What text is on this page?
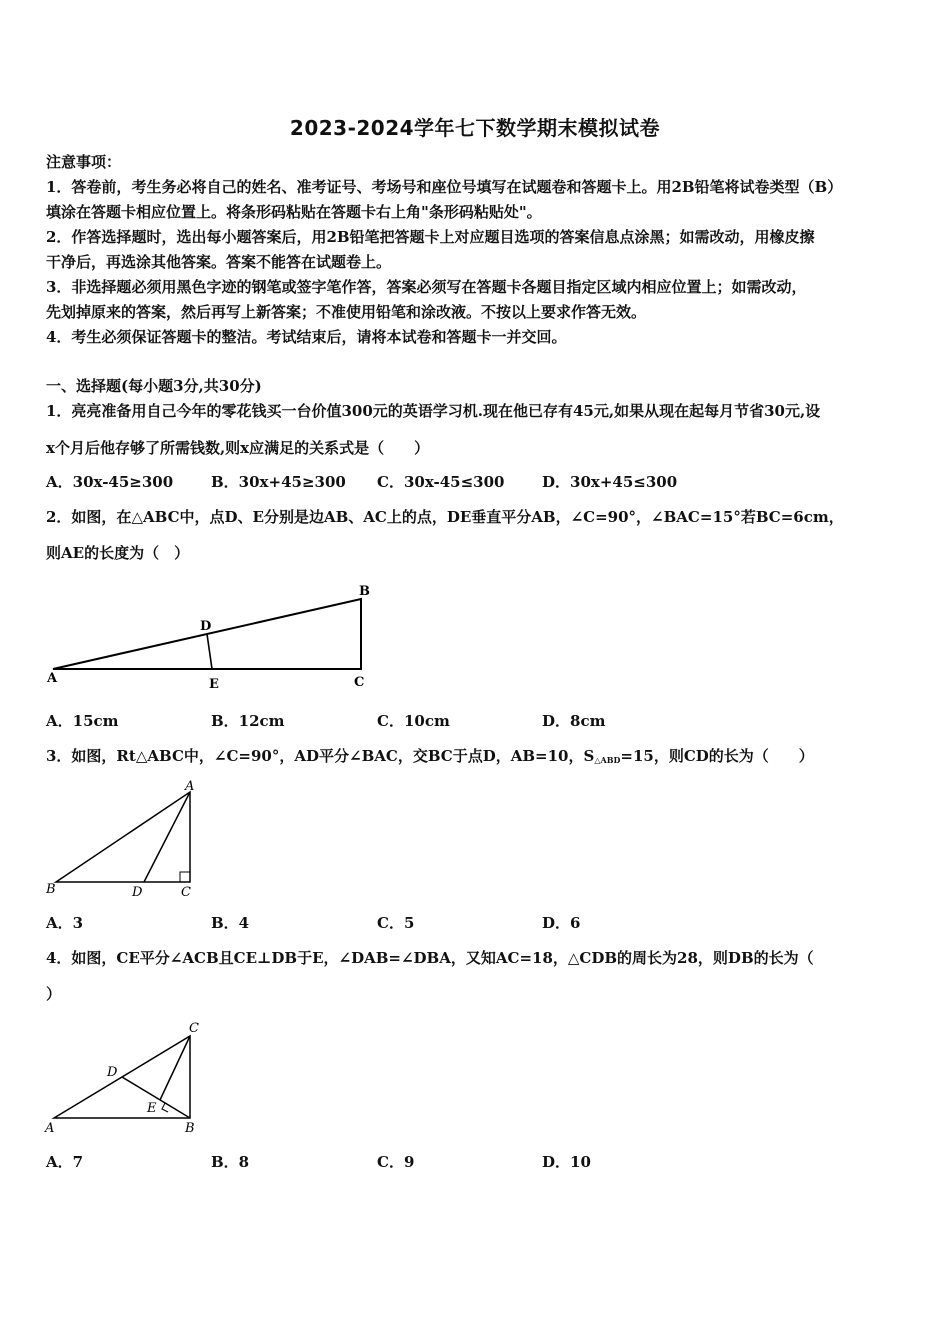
2023-2024学年七下数学期末模拟试卷
注意事项：
1．答卷前，考生务必将自己的姓名、准考证号、考场号和座位号填写在试题卷和答题卡上。用2B铅笔将试卷类型（B）
填涂在答题卡相应位置上。将条形码粘贴在答题卡右上角"条形码粘贴处"。
2．作答选择题时，选出每小题答案后，用2B铅笔把答题卡上对应题目选项的答案信息点涂黑；如需改动，用橡皮擦
干净后，再选涂其他答案。答案不能答在试题卷上。
3．非选择题必须用黑色字迹的钢笔或签字笔作答，答案必须写在答题卡各题目指定区域内相应位置上；如需改动，
先划掉原来的答案，然后再写上新答案；不准使用铅笔和涂改液。不按以上要求作答无效。
4．考生必须保证答题卡的整洁。考试结束后，请将本试卷和答题卡一并交回。
一、选择题(每小题3分,共30分)
1．亮亮准备用自己今年的零花钱买一台价值300元的英语学习机.现在他已存有45元,如果从现在起每月节省30元,设
x个月后他存够了所需钱数,则x应满足的关系式是（　　）
A．30x-45≥300	B．30x+45≥300 C．30x-45≤300	D．30x+45≤300
2．如图，在△ABC中，点D、E分别是边AB、AC上的点，DE垂直平分AB，∠C=90°，∠BAC=15°若BC=6cm，
则AE的长度为（　）
A
B
C
D
E
A．15cm	B．12cm	C．10cm	D．8cm
3．如图，Rt△ABC中，∠C=90°，AD平分∠BAC，交BC于点D，AB=10，$S_{\triangle ABD}=15$，则CD的长为（　　）
A
B	D	C
A．3	B．4	C．5	D．6
4．如图，CE平分∠ACB且CE⊥DB于E，∠DAB=∠DBA，又知AC=18，△CDB的周长为28，则DB的长为（
）
C
D
E
A	B
A．7	B．8	C．9	D．10
